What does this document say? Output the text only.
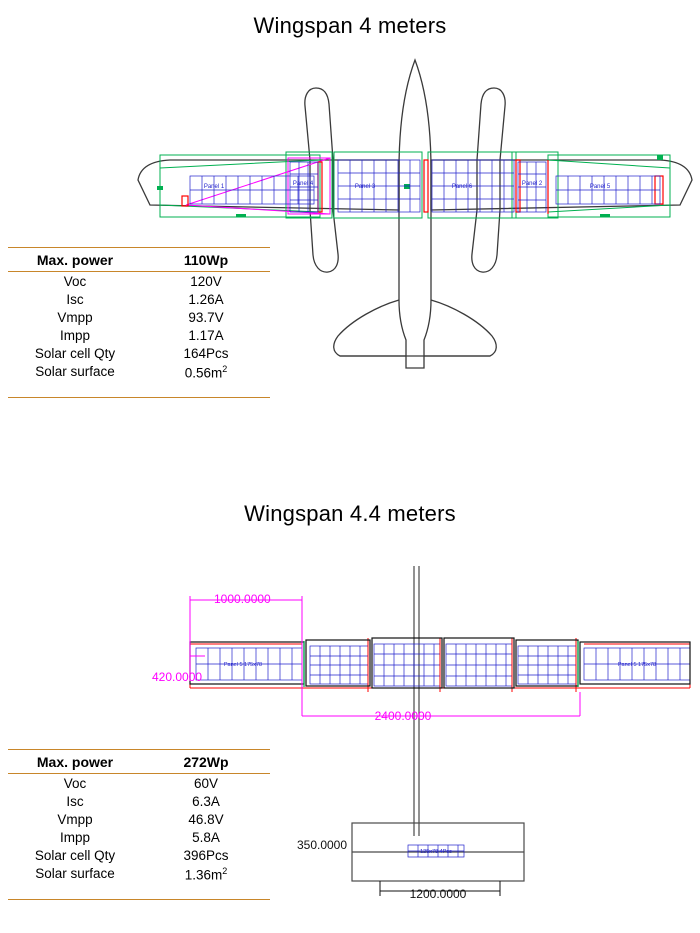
Wingspan 4 meters
Panel 1	Panel 4	Panel 3	Panel 6	Panel 2	Panel 5
Max. power	110Wp
Voc	120V
Isc	1.26A
Vmpp	93.7V
Impp	1.17A
Solar cell Qty	164Pcs
Solar surface	$0.56m^2$
Wingspan 4.4 meters
1000.0000
420.0000
2400.0000
350.0000
1200.0000
Panel 5 175x78	Panel 5 175x78
125x78 4Pcs
Max. power	272Wp
Voc	60V
Isc	6.3A
Vmpp	46.8V
Impp	5.8A
Solar cell Qty	396Pcs
Solar surface	$1.36m^2$
